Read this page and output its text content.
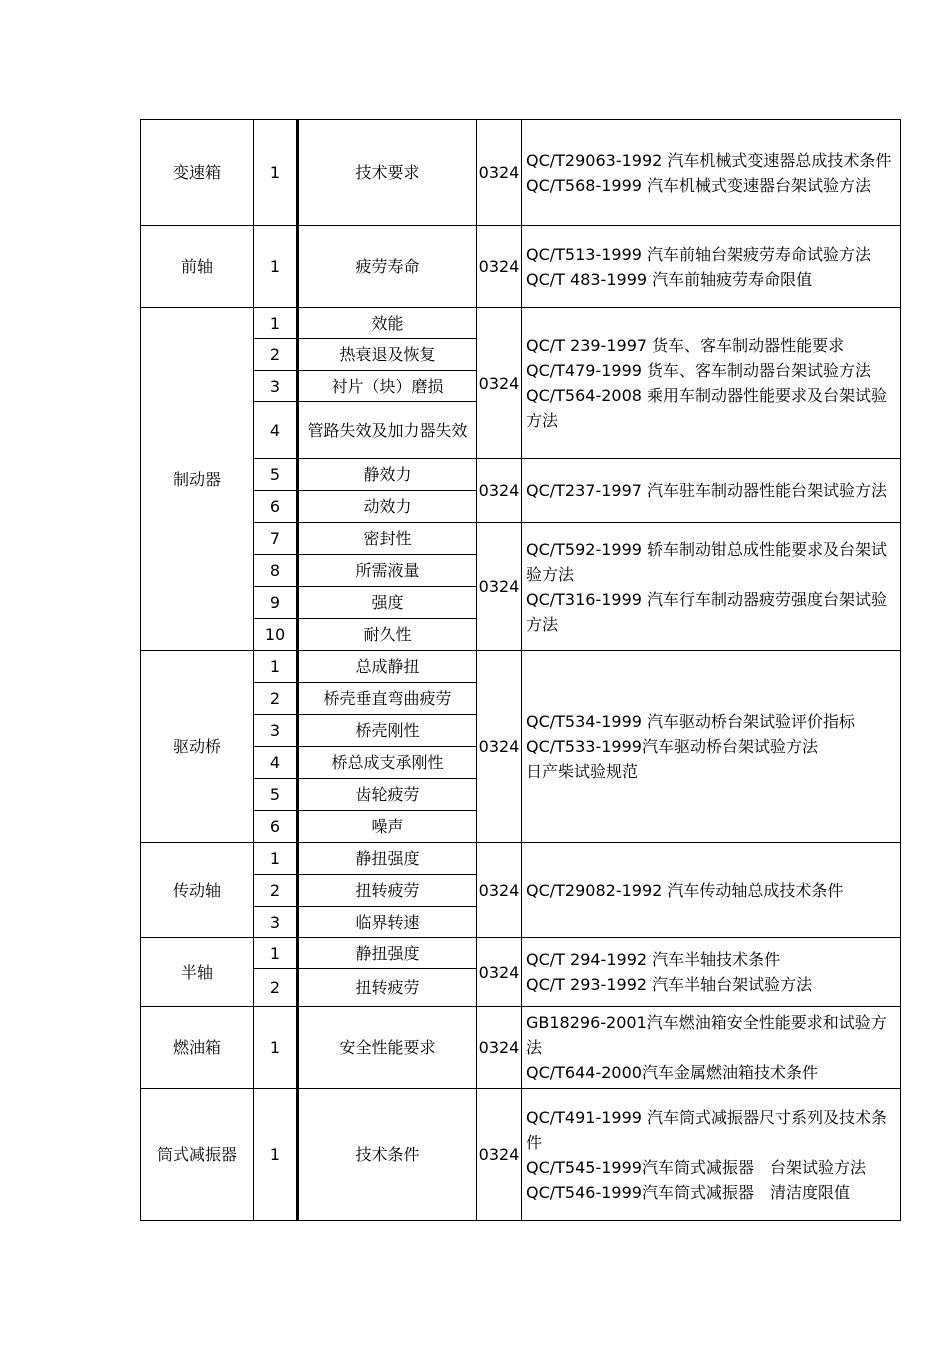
变速箱	1	技术要求	0324	QC/T29063-1992 汽车机械式变速器总成技术条件
QC/T568-1999 汽车机械式变速器台架试验方法

前轴	1	疲劳寿命	0324	QC/T513-1999 汽车前轴台架疲劳寿命试验方法
QC/T 483-1999 汽车前轴疲劳寿命限值

制动器	1	效能	0324	QC/T 239-1997 货车、客车制动器性能要求
QC/T479-1999 货车、客车制动器台架试验方法
QC/T564-2008 乘用车制动器性能要求及台架试验方法

	2	热衰退及恢复		
	3	衬片（块）磨损		
	4	管路失效及加力器失效		
	5	静效力	0324	QC/T237-1997 汽车驻车制动器性能台架试验方法

	6	动效力		
	7	密封性	0324	QC/T592-1999 轿车制动钳总成性能要求及台架试验方法
QC/T316-1999 汽车行车制动器疲劳强度台架试验方法

	8	所需液量		
	9	强度		
	10	耐久性		
驱动桥	1	总成静扭	0324	QC/T534-1999 汽车驱动桥台架试验评价指标
QC/T533-1999汽车驱动桥台架试验方法
日产柴试验规范

	2	桥壳垂直弯曲疲劳		
	3	桥壳刚性		
	4	桥总成支承刚性		
	5	齿轮疲劳		
	6	噪声		
传动轴	1	静扭强度	0324	QC/T29082-1992 汽车传动轴总成技术条件

	2	扭转疲劳		
	3	临界转速		
半轴	1	静扭强度	0324	QC/T 294-1992 汽车半轴技术条件
QC/T 293-1992 汽车半轴台架试验方法

	2	扭转疲劳		
燃油箱	1	安全性能要求	0324	GB18296-2001汽车燃油箱安全性能要求和试验方法
QC/T644-2000汽车金属燃油箱技术条件

筒式减振器	1	技术条件	0324	QC/T491-1999 汽车筒式减振器尺寸系列及技术条件
QC/T545-1999汽车筒式减振器　台架试验方法
QC/T546-1999汽车筒式减振器　清洁度限值
